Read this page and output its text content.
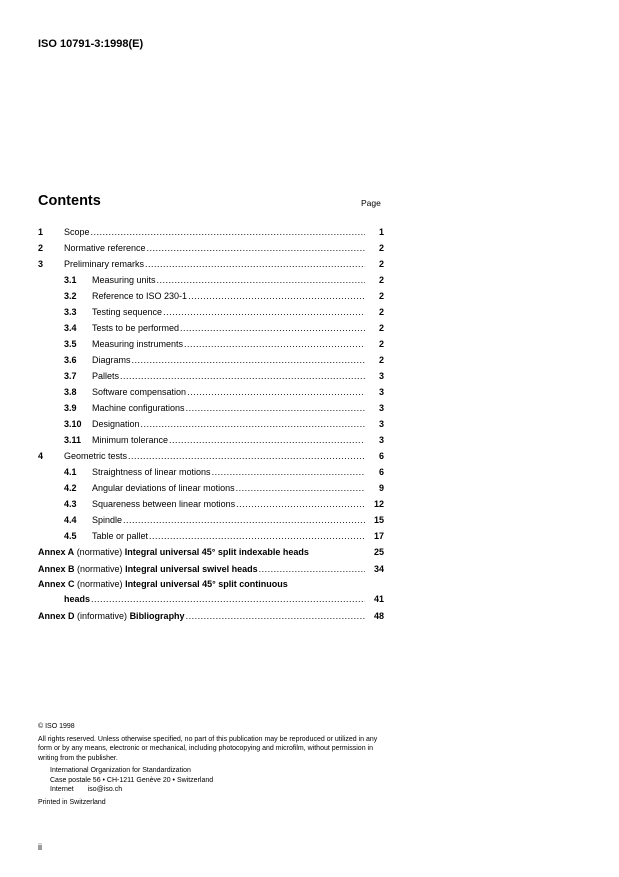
ISO 10791-3:1998(E)
Contents	Page
1	Scope .....	1
2	Normative reference .....	2
3	Preliminary remarks .....	2
3.1	Measuring units .....	2
3.2	Reference to ISO 230-1 .....	2
3.3	Testing sequence .....	2
3.4	Tests to be performed .....	2
3.5	Measuring instruments .....	2
3.6	Diagrams .....	2
3.7	Pallets .....	3
3.8	Software compensation .....	3
3.9	Machine configurations .....	3
3.10	Designation .....	3
3.11	Minimum tolerance .....	3
4	Geometric tests .....	6
4.1	Straightness of linear motions .....	6
4.2	Angular deviations of linear motions .....	9
4.3	Squareness between linear motions .....	12
4.4	Spindle .....	15
4.5	Table or pallet .....	17
Annex A (normative) Integral universal 45° split indexable heads	25
Annex B (normative) Integral universal swivel heads .....	34
Annex C (normative) Integral universal 45° split continuous
heads .....	41
Annex D (informative) Bibliography .....	48
© ISO 1998
All rights reserved. Unless otherwise specified, no part of this publication may be reproduced or utilized in any form or by any means, electronic or mechanical, including photocopying and microfilm, without permission in writing from the publisher.
International Organization for Standardization
Case postale 56 • CH-1211 Genève 20 • Switzerland
Internet iso@iso.ch
Printed in Switzerland
ii
